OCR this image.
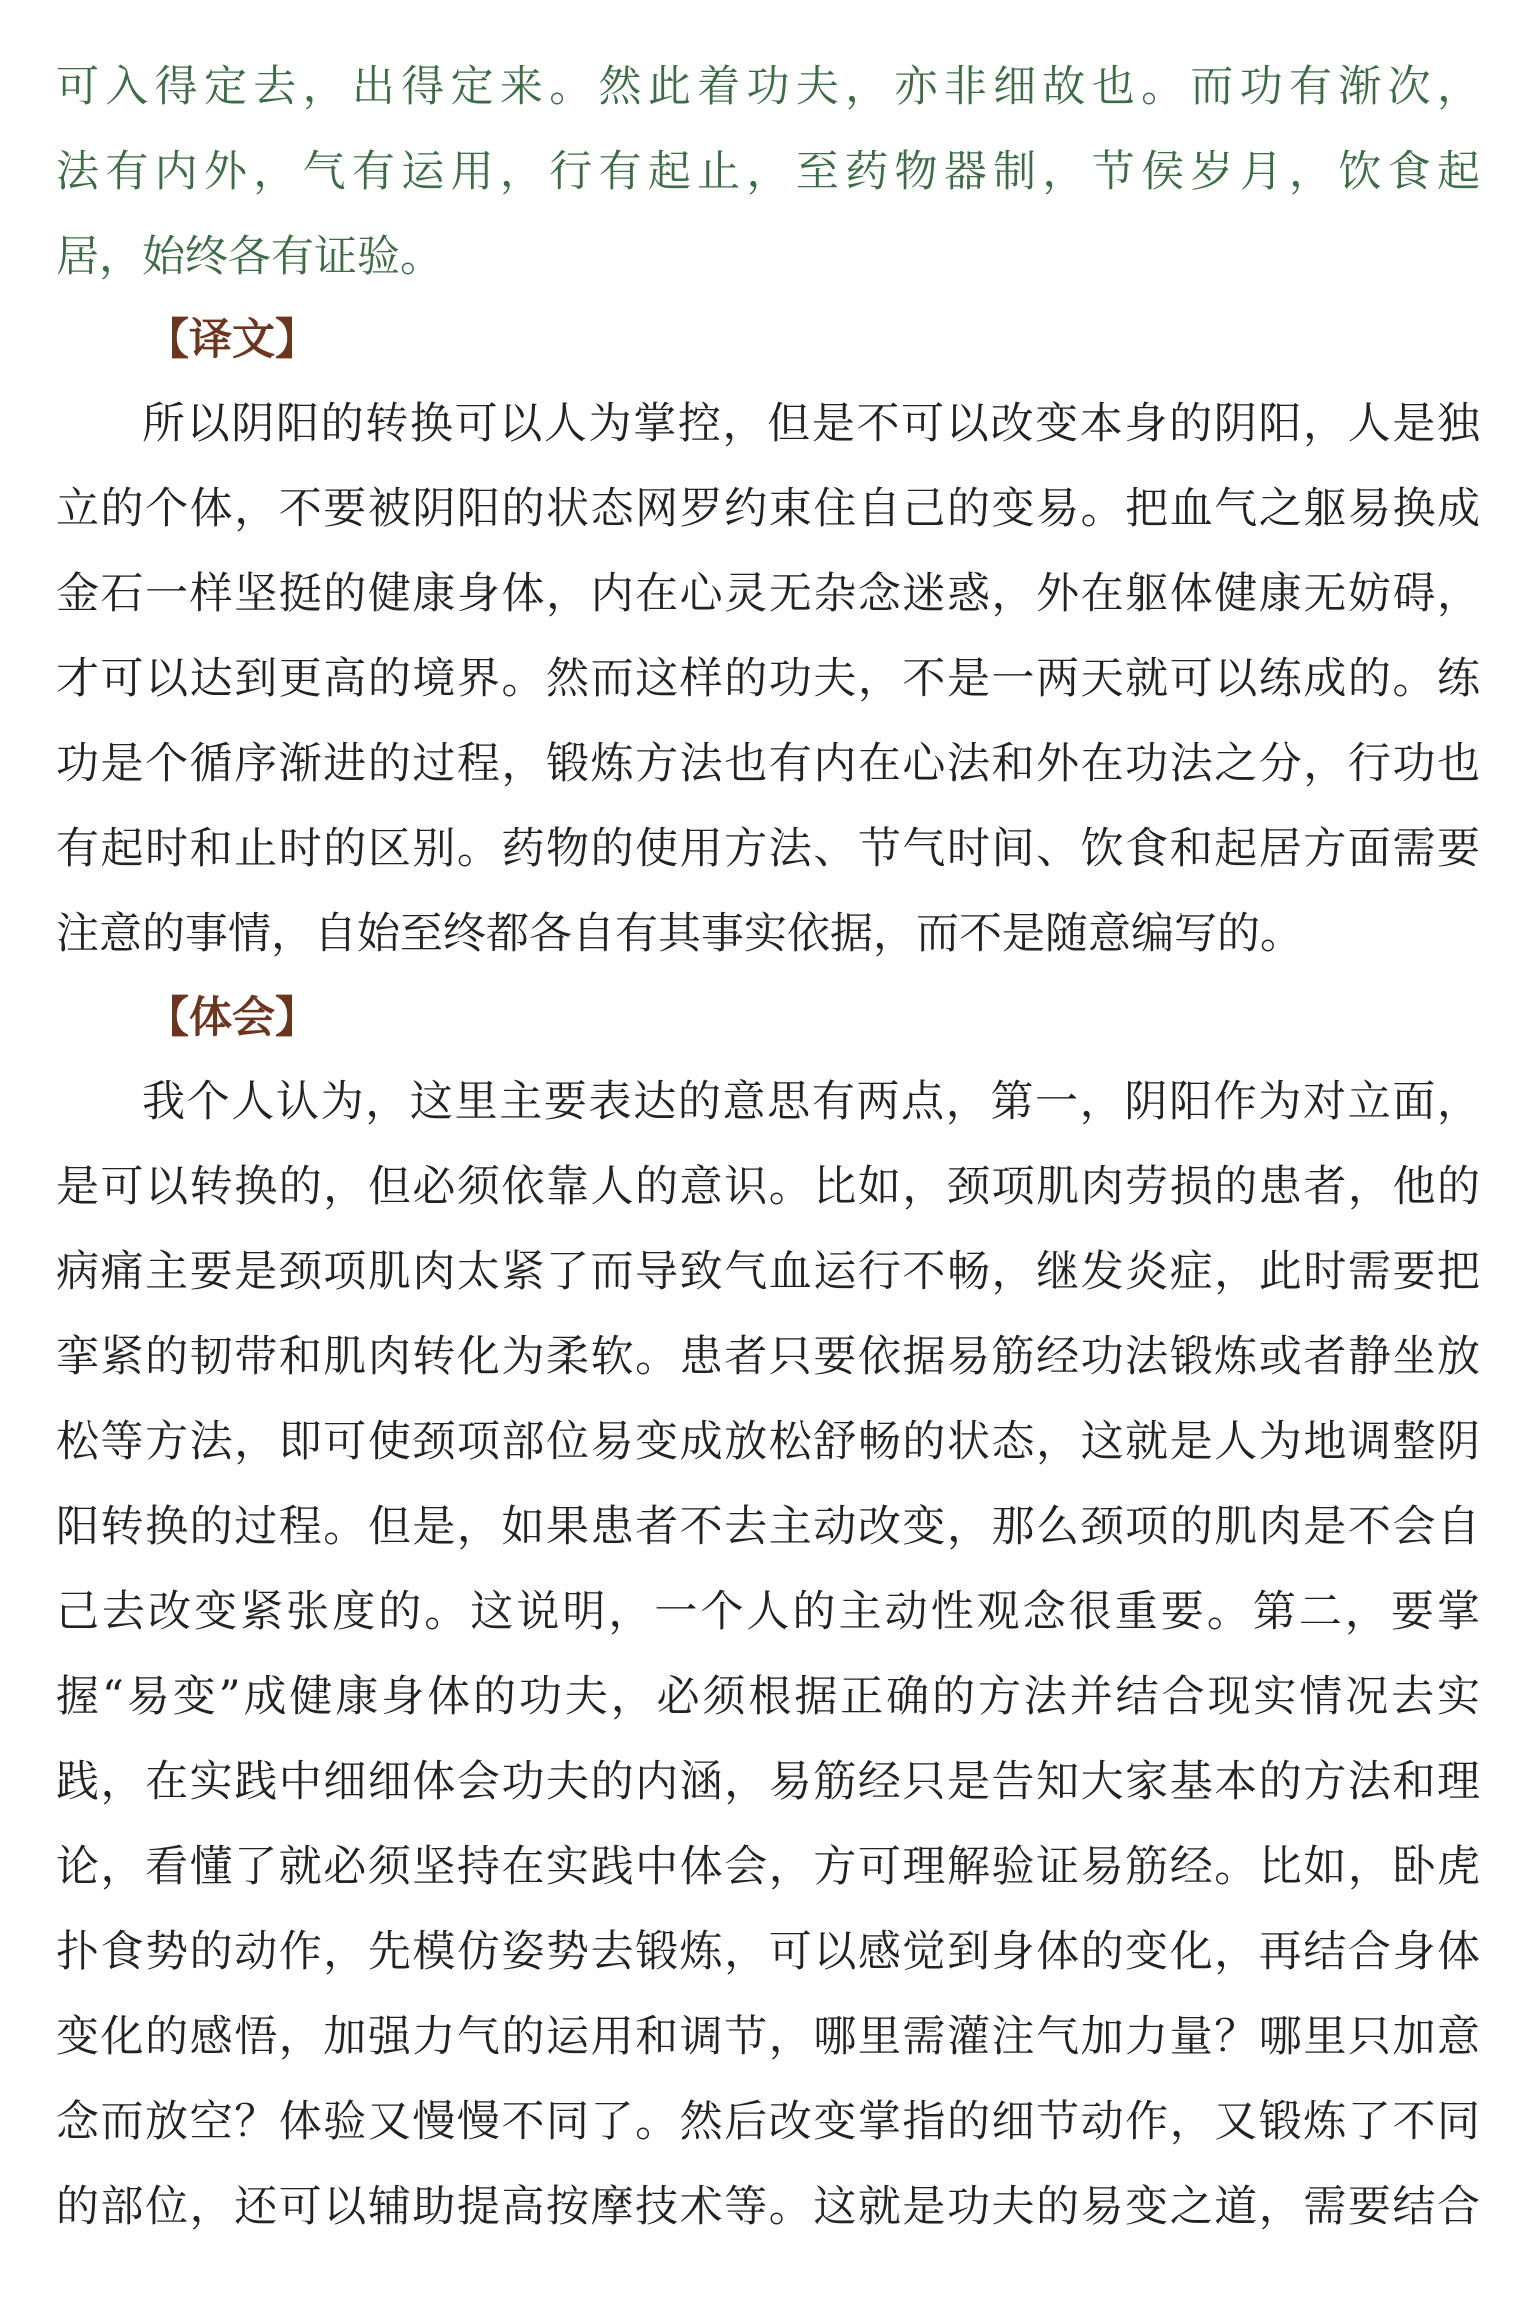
可入得定去，出得定来。然此着功夫，亦非细故也。而功有渐次，
法有内外，气有运用，行有起止，至药物器制，节侯岁月，饮食起
居，始终各有证验。
【译文】
所以阴阳的转换可以人为掌控，但是不可以改变本身的阴阳，人是独
立的个体，不要被阴阳的状态网罗约束住自己的变易。把血气之躯易换成
金石一样坚挺的健康身体，内在心灵无杂念迷惑，外在躯体健康无妨碍，
才可以达到更高的境界。然而这样的功夫，不是一两天就可以练成的。练
功是个循序渐进的过程，锻炼方法也有内在心法和外在功法之分，行功也
有起时和止时的区别。药物的使用方法、节气时间、饮食和起居方面需要
注意的事情，自始至终都各自有其事实依据，而不是随意编写的。
【体会】
我个人认为，这里主要表达的意思有两点，第一，阴阳作为对立面，
是可以转换的，但必须依靠人的意识。比如，颈项肌肉劳损的患者，他的
病痛主要是颈项肌肉太紧了而导致气血运行不畅，继发炎症，此时需要把
挛紧的韧带和肌肉转化为柔软。患者只要依据易筋经功法锻炼或者静坐放
松等方法，即可使颈项部位易变成放松舒畅的状态，这就是人为地调整阴
阳转换的过程。但是，如果患者不去主动改变，那么颈项的肌肉是不会自
己去改变紧张度的。这说明，一个人的主动性观念很重要。第二，要掌
握“易变”成健康身体的功夫，必须根据正确的方法并结合现实情况去实
践，在实践中细细体会功夫的内涵，易筋经只是告知大家基本的方法和理
论，看懂了就必须坚持在实践中体会，方可理解验证易筋经。比如，卧虎
扑食势的动作，先模仿姿势去锻炼，可以感觉到身体的变化，再结合身体
变化的感悟，加强力气的运用和调节，哪里需灌注气加力量？哪里只加意
念而放空？体验又慢慢不同了。然后改变掌指的细节动作，又锻炼了不同
的部位，还可以辅助提高按摩技术等。这就是功夫的易变之道，需要结合
